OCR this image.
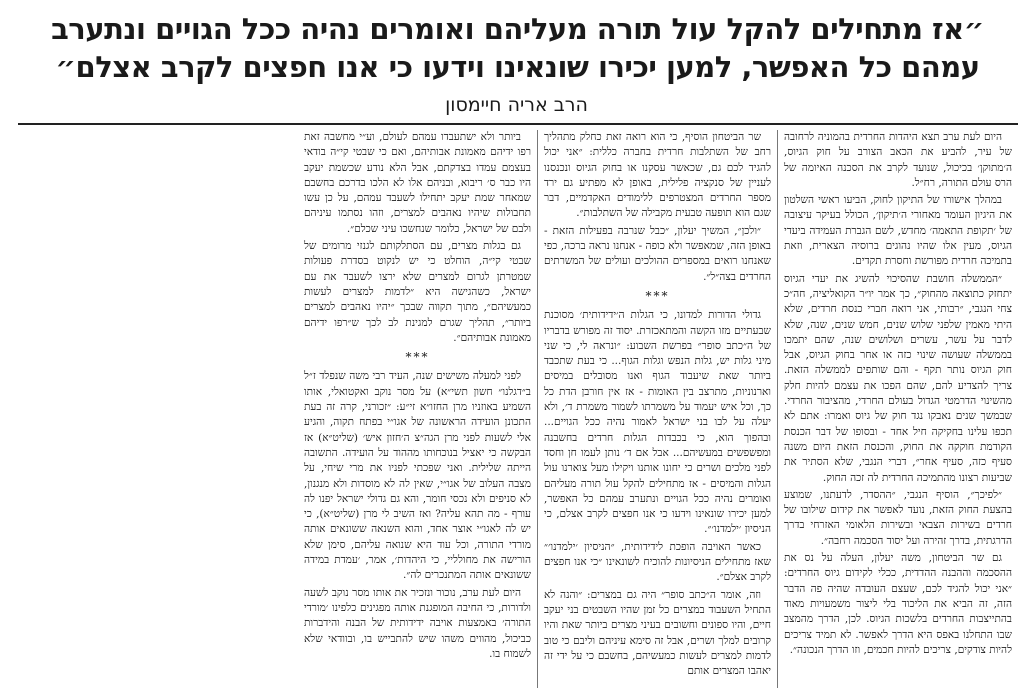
״אז מתחילים להקל עול תורה מעליהם ואומרים נהיה ככל הגויים ונתערב
עמהם כל האפשר, למען יכירו שונאינו וידעו כי אנו חפצים לקרב אצלם״
הרב אריה חיימסון

היום לעת ערב תצא היהדות החרדית בהמוניה לרחובה של עיר, להביע את הכאב הצורב על חוק הגיוס, ה׳מתוקן׳ בכיכול, שנועד לקרב את הסכנה האיומה של הרס עולם התורה, רח״ל.

במהלך אישורו של התיקון לחוק, הביעו ראשי השלטון את היגיון העומד מאחורי ה׳תיקון׳, הכולל בעיקר עיצובה של ׳תקופת התאמה׳ מחדש, לשם הגברת העמידה ביעדי הגיוס, מעין אלו שהיו נהוגים ברוסיה הצארית, וזאת בתמיכה חרדית מפורשת וחסרת תקדים.

״הממשלה חושבת שהסיכוי להשיג את יעדי הגיוס יתחזק כתוצאה מהחוק״, כך אמר יו״ר הקואליציה, חה״כ צחי הנגבי, ״רבותי, אני רואה חברי כנסת חרדים, שלא היתי מאמין שלפני שלוש שנים, חמש שנים, שנה, שלא לדבר על עשר, עשרים ושלושים שנה, שהם יתמכו בממשלה שעושה שינוי כזה או אחר בחוק הגיוס, אבל חוק הגיוס נותר תקף - והם שותפים לממשלה הזאת. צריך להצדיע להם, שהם הפכו את עצמם להיות חלק מהשינוי הדרמטי הגדול בעולם החרדי, מהציבור החרדי. שבמשך שנים נאבקו נגד חוק של גיוס ואמרו: אתם לא תכפו עלינו בחקיקה חיל אחד - ובסופו של דבר הכנסת הקודמת חוקקה את החוק, והכנסת הזאת היום משנה סעיף כזה, סעיף אחר״, דברי הנגבי, שלא הסתיר את שביעות רצונו מהתמיכה החרדית לה זכה החוק.

״לפיכך״, הוסיף הנגבי, ״ההסדר, לדעתנו, שמוצע בהצעת החוק הזאת, נועד לאפשר את קידום שילובו של חרדים בשירות הצבאי ובשירות הלאומי האזרחי בדרך הדרגתית, בדרך זהירה ועל יסוד הסכמה רחבה״.

גם שר הביטחון, משה יעלון, העלה על נס את ההסכמה וההבנה ההדדית, ככלי לקידום גיוס החרדים: ״אני יכול להגיד לכם, שעצם העובדה שהיה פה הדבר הזה, זה הביא את הליכוד בלי ליצור משמעויות מאוד בהתייצבות החרדים בלשכות הגיוס. לכן, הדרך מהמצב שבו התחלנו באפס היא הדרך לאפשר. לא תמיד צריכים להיות צודקים, צריכים להיות חכמים, וזו הדרך הנכונה״.

שר הביטחון הוסיף, כי הוא רואה זאת כחלק מתהליך רחב של השתלבות חרדית בחברה כללית: ״אני יכול להגיד לכם גם, שכאשר עסקנו או בחוק הגיוס ונכנסנו לעניין של סנקציה פלילית, באופן לא מפתיע גם ירד מספר החרדים המצטרפים ללימודים האקדמיים, דבר שגם הוא תופעה טבעית מקבילה של השתלבות״.

״ולכן״, המשיך יעלון, ״כבל שנרבה בפעילות הזאת - באופן הזה, שמאפשר ולא כופה - אנחנו נראה ברכה, כפי שאנחנו רואים במספרים ההולכים ועולים של המשרתים החרדים בצה״ל״.

***

גדולי הדורות למדונו, כי הגלות ה׳ידידותית׳ מסוכנת שבעתיים מזו הקשה והמתאכזרת. יסוד זה מפורש בדבריו של ה״כתב סופר״ בפרשת השבוע: ״ונראה לי, כי שני מיני גלות יש, גלות הנפש וגלות הגוף... כי בעת שתכבד ביותר שאת שיעבוד הגוף ואנו מסובלים במיסים וארנוניות, מתרצב בין האומות - אז אין חורבן הדת כל כך, וכל איש יעמוד על משמרתו לשמור משמרת ד׳, ולא יעלה על לבו בני ישראל לאמור נהיה ככל הגויים... ובהפוך הוא, כי בכבדות הגלות חרדים בחשבנה ומפשפשים במעשיהם... אבל אם ד׳ נותן לעמו חן וחסד לפני מלכים ושרים כי יחונו אותנו ויקילו מעל צוארנו עול הגלות והמיסים - אז מתחילים להקל עול תורה מעליהם ואומרים נהיה ככל הגויים ונתערב עמהם כל האפשר, למען יכירו שונאינו וידעו כי אנו חפצים לקרב אצלם, כי הניסיון ׳ילמדנו׳״.

כאשר האויבה הופכת לידידותית, ״הניסיון ׳ילמדנו׳״ שאז מתחילים הניסיונות להוכיח לשונאינו ״כי אנו חפצים לקרב אצלם״.

וזה, אומר ה״כתב סופר״ היה גם במצרים: ״והנה לא התחיל השעבוד במצרים כל זמן שהיו השבטים בני יעקב חיים, והיו ספונים וחשובים בעיני מצרים ביותר שאת והיו קרובים למלך ושרים, אבל זה סימא עיניהם וליבם כי טוב לדמות למצרים לעשות כמעשיהם, בחשבם כי על ידי זה יאהבו המצרים אותם

ביותר ולא ישתעבדו עמהם לעולם, וע״י מחשבה זאת רפו ידיהם מאמונת אבותיהם, ואם כי שבטי קי״ה בודאי בעצמם עמדו בצדקתם, אבל הלא נודע שכשמת יעקב היו כבר ס׳ ריבוא, ובניהם אלו לא הלכו בדרכם בחשבם שמאחר שמת יעקב יתחילו לשעבד עמהם, על כן עשו תחבולות שיהיו נאהבים למצרים, וזהו נסתמו עיניהם ולבם של ישראל, כלומר שנחשכו עיני שכלם״.

גם בגלות מצרים, עם הסתלקותם לגנזי מרומים של שבטי קי״ה, הוחלט כי יש לנקוט בסדרת פעולות שמטרתן לגרום למצרים שלא ירצו לשעבד את עם ישראל, כשהגישה היא ״לדמות למצרים לעשות כמעשיהם״, מתוך תקווה שבכך ״יהיו נאהבים למצרים ביותר״, תהליך שגרם למגינת לב לכך ש״רפו ידיהם מאמונת אבותיהם״.

***

לפני למעלה משישים שנה, העיד רבי משה שנפלד ז״ל ב״דגלנו״ חשון תשי״א) על מסר נוקב ואקטואלי, אותו השמיע באוזניו מרן החזו״א זי״ע: ״זכורני, קרה זה בעת התכונן הועידה הראשונה של אגו״י בפתח תקוה, והגיע אלי לשעות לפני מרן הגה״צ ה׳חזון איש׳ (שליט״א) אז הבקשה כי יאציל בנוכחותו מההוד על הועידה. התשובה הייתה שלילית. ואני שפכתי לפניו את מרי שיחי, על מצבה העלוב של אגו״י, שאין לה לא מוסדות ולא מנגנון, לא סניפים ולא נכסי חומר, והא גם גדולי ישראל יפנו לה עורף - מה תהא עליה? ואז השיב לי מרן (שליט״א), כי יש לה לאגו״י אוצר אחד, והוא השנאה ששונאים אותה מורדי התורה, וכל עוד היא שנואה עליהם, סימן שלא הורישה את מחולליי, כי היהדות׳, אמר, ׳עמדת במידה ששונאים אותה המתנכרים לה״.

היום לעת ערב, נוכור ונזכיר את אותו מסר נוקב לשעה ולדורות, כי החיבה המופגנת אותה מפגינים כלפינו ׳מורדי התורה׳ באמצעות אויבה ידידותית של הבנה והידברות כביכול, מהווים משהו שיש להתבייש בו, ובוודאי שלא לשמוח בו.
